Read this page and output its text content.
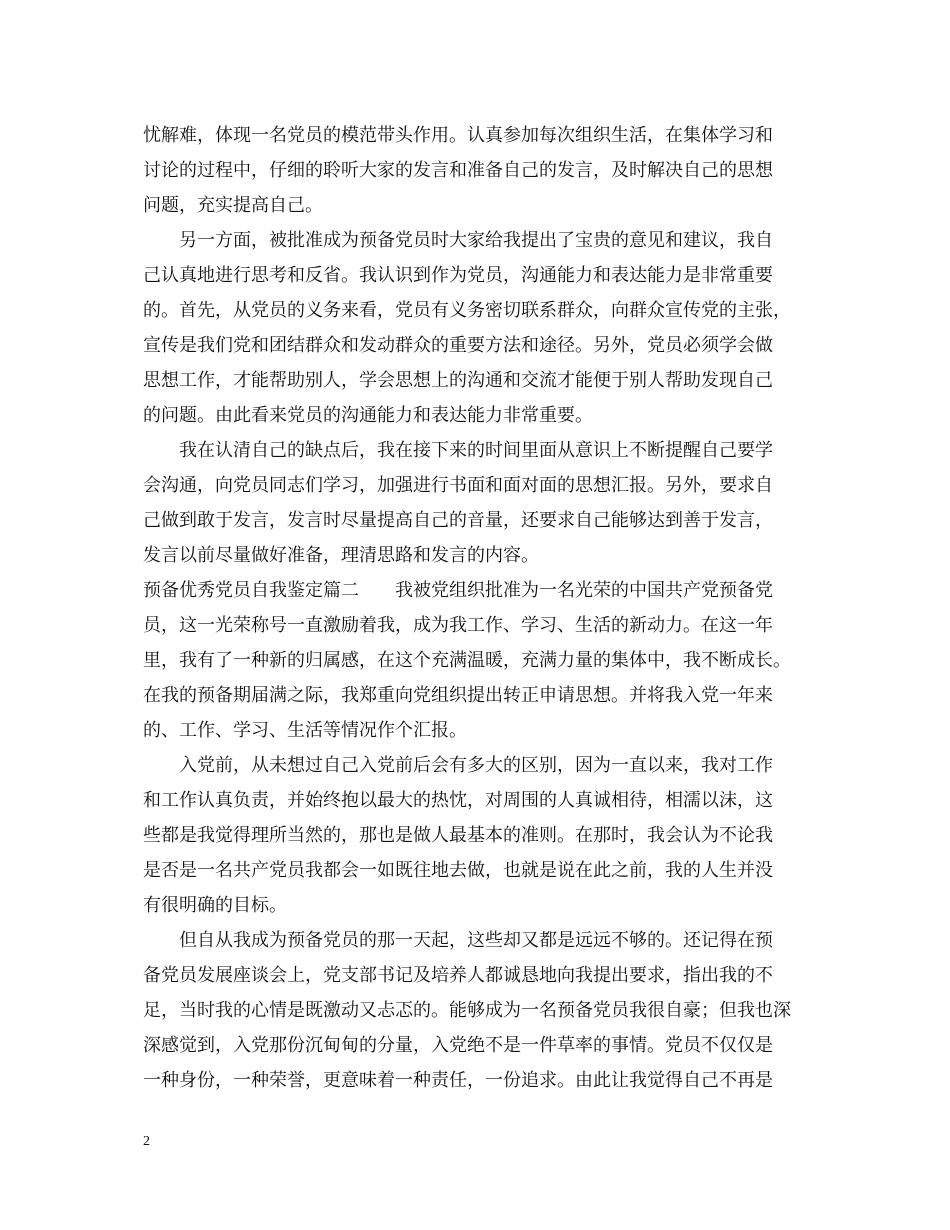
忧解难，体现一名党员的模范带头作用。认真参加每次组织生活，在集体学习和
讨论的过程中，仔细的聆听大家的发言和准备自己的发言，及时解决自己的思想
问题，充实提高自己。
另一方面，被批准成为预备党员时大家给我提出了宝贵的意见和建议，我自
己认真地进行思考和反省。我认识到作为党员，沟通能力和表达能力是非常重要
的。首先，从党员的义务来看，党员有义务密切联系群众，向群众宣传党的主张，
宣传是我们党和团结群众和发动群众的重要方法和途径。另外，党员必须学会做
思想工作，才能帮助别人，学会思想上的沟通和交流才能便于别人帮助发现自己
的问题。由此看来党员的沟通能力和表达能力非常重要。
我在认清自己的缺点后，我在接下来的时间里面从意识上不断提醒自己要学
会沟通，向党员同志们学习，加强进行书面和面对面的思想汇报。另外，要求自
己做到敢于发言，发言时尽量提高自己的音量，还要求自己能够达到善于发言，
发言以前尽量做好准备，理清思路和发言的内容。
预备优秀党员自我鉴定篇二 我被党组织批准为一名光荣的中国共产党预备党
员，这一光荣称号一直激励着我，成为我工作、学习、生活的新动力。在这一年
里，我有了一种新的归属感，在这个充满温暖，充满力量的集体中，我不断成长。
在我的预备期届满之际，我郑重向党组织提出转正申请思想。并将我入党一年来
的、工作、学习、生活等情况作个汇报。
入党前，从未想过自己入党前后会有多大的区别，因为一直以来，我对工作
和工作认真负责，并始终抱以最大的热忱，对周围的人真诚相待，相濡以沫，这
些都是我觉得理所当然的，那也是做人最基本的准则。在那时，我会认为不论我
是否是一名共产党员我都会一如既往地去做，也就是说在此之前，我的人生并没
有很明确的目标。
但自从我成为预备党员的那一天起，这些却又都是远远不够的。还记得在预
备党员发展座谈会上，党支部书记及培养人都诚恳地向我提出要求，指出我的不
足，当时我的心情是既激动又忐忑的。能够成为一名预备党员我很自豪；但我也深
深感觉到，入党那份沉甸甸的分量，入党绝不是一件草率的事情。党员不仅仅是
一种身份，一种荣誉，更意味着一种责任，一份追求。由此让我觉得自己不再是
2
